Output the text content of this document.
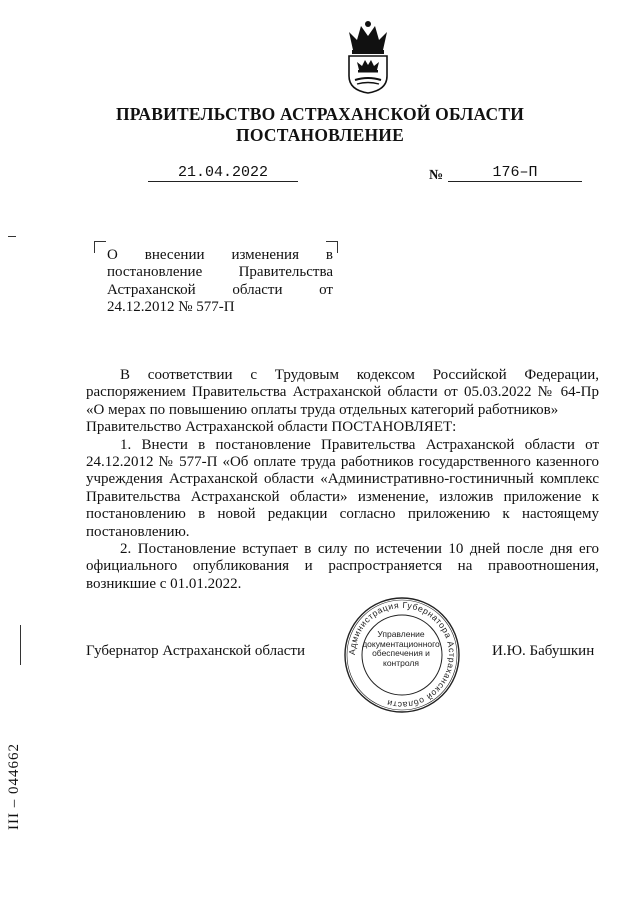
ПРАВИТЕЛЬСТВО АСТРАХАНСКОЙ ОБЛАСТИ
ПОСТАНОВЛЕНИЕ
21.04.2022	№	176–П
О внесении изменения в постановление Правительства Астраханской области от 24.12.2012 № 577-П

В соответствии с Трудовым кодексом Российской Федерации, распоряжением Правительства Астраханской области от 05.03.2022 № 64-Пр «О мерах по повышению оплаты труда отдельных категорий работников»

Правительство Астраханской области ПОСТАНОВЛЯЕТ:

1. Внести в постановление Правительства Астраханской области от 24.12.2012 № 577-П «Об оплате труда работников государственного казенного учреждения Астраханской области «Административно-гостиничный комплекс Правительства Астраханской области» изменение, изложив приложение к постановлению в новой редакции согласно приложению к настоящему постановлению.

2. Постановление вступает в силу по истечении 10 дней после дня его официального опубликования и распространяется на правоотношения, возникшие с 01.01.2022.

Губернатор Астраханской области	И.Ю. Бабушкин
Администрация Губернатора Астраханской области
Управление документационного обеспечения и контроля
ІІІ – 044662
